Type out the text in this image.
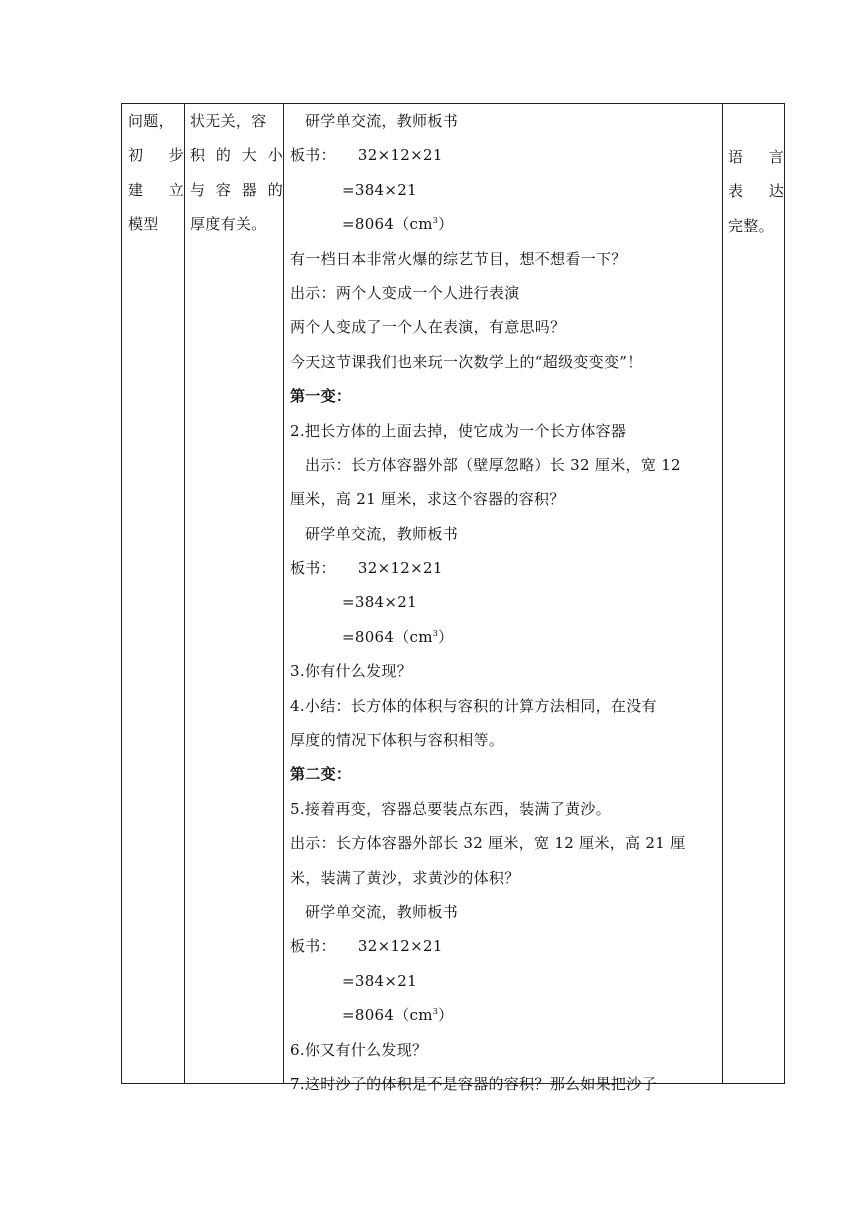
问题，
初步
建立
模型
状无关，容
积的大小
与容器的
厚度有关。
研学单交流，教师板书
板书： 32×12×21
=384×21
$=8064(cm^3)$
有一档日本非常火爆的综艺节目，想不想看一下？
出示：两个人变成一个人进行表演
两个人变成了一个人在表演，有意思吗？
今天这节课我们也来玩一次数学上的“超级变变变”！
第一变：
2.把长方体的上面去掉，使它成为一个长方体容器
出示：长方体容器外部（壁厚忽略）长 32 厘米，宽 12
厘米，高 21 厘米，求这个容器的容积？
研学单交流，教师板书
板书： 32×12×21
=384×21
$=8064(cm^3)$
3.你有什么发现？
4.小结：长方体的体积与容积的计算方法相同，在没有
厚度的情况下体积与容积相等。
第二变：
5.接着再变，容器总要装点东西，装满了黄沙。
出示：长方体容器外部长 32 厘米，宽 12 厘米，高 21 厘
米，装满了黄沙，求黄沙的体积？
研学单交流，教师板书
板书： 32×12×21
=384×21
$=8064(cm^3)$
6.你又有什么发现？
7.这时沙子的体积是不是容器的容积？那么如果把沙子
语言
表达
完整。
